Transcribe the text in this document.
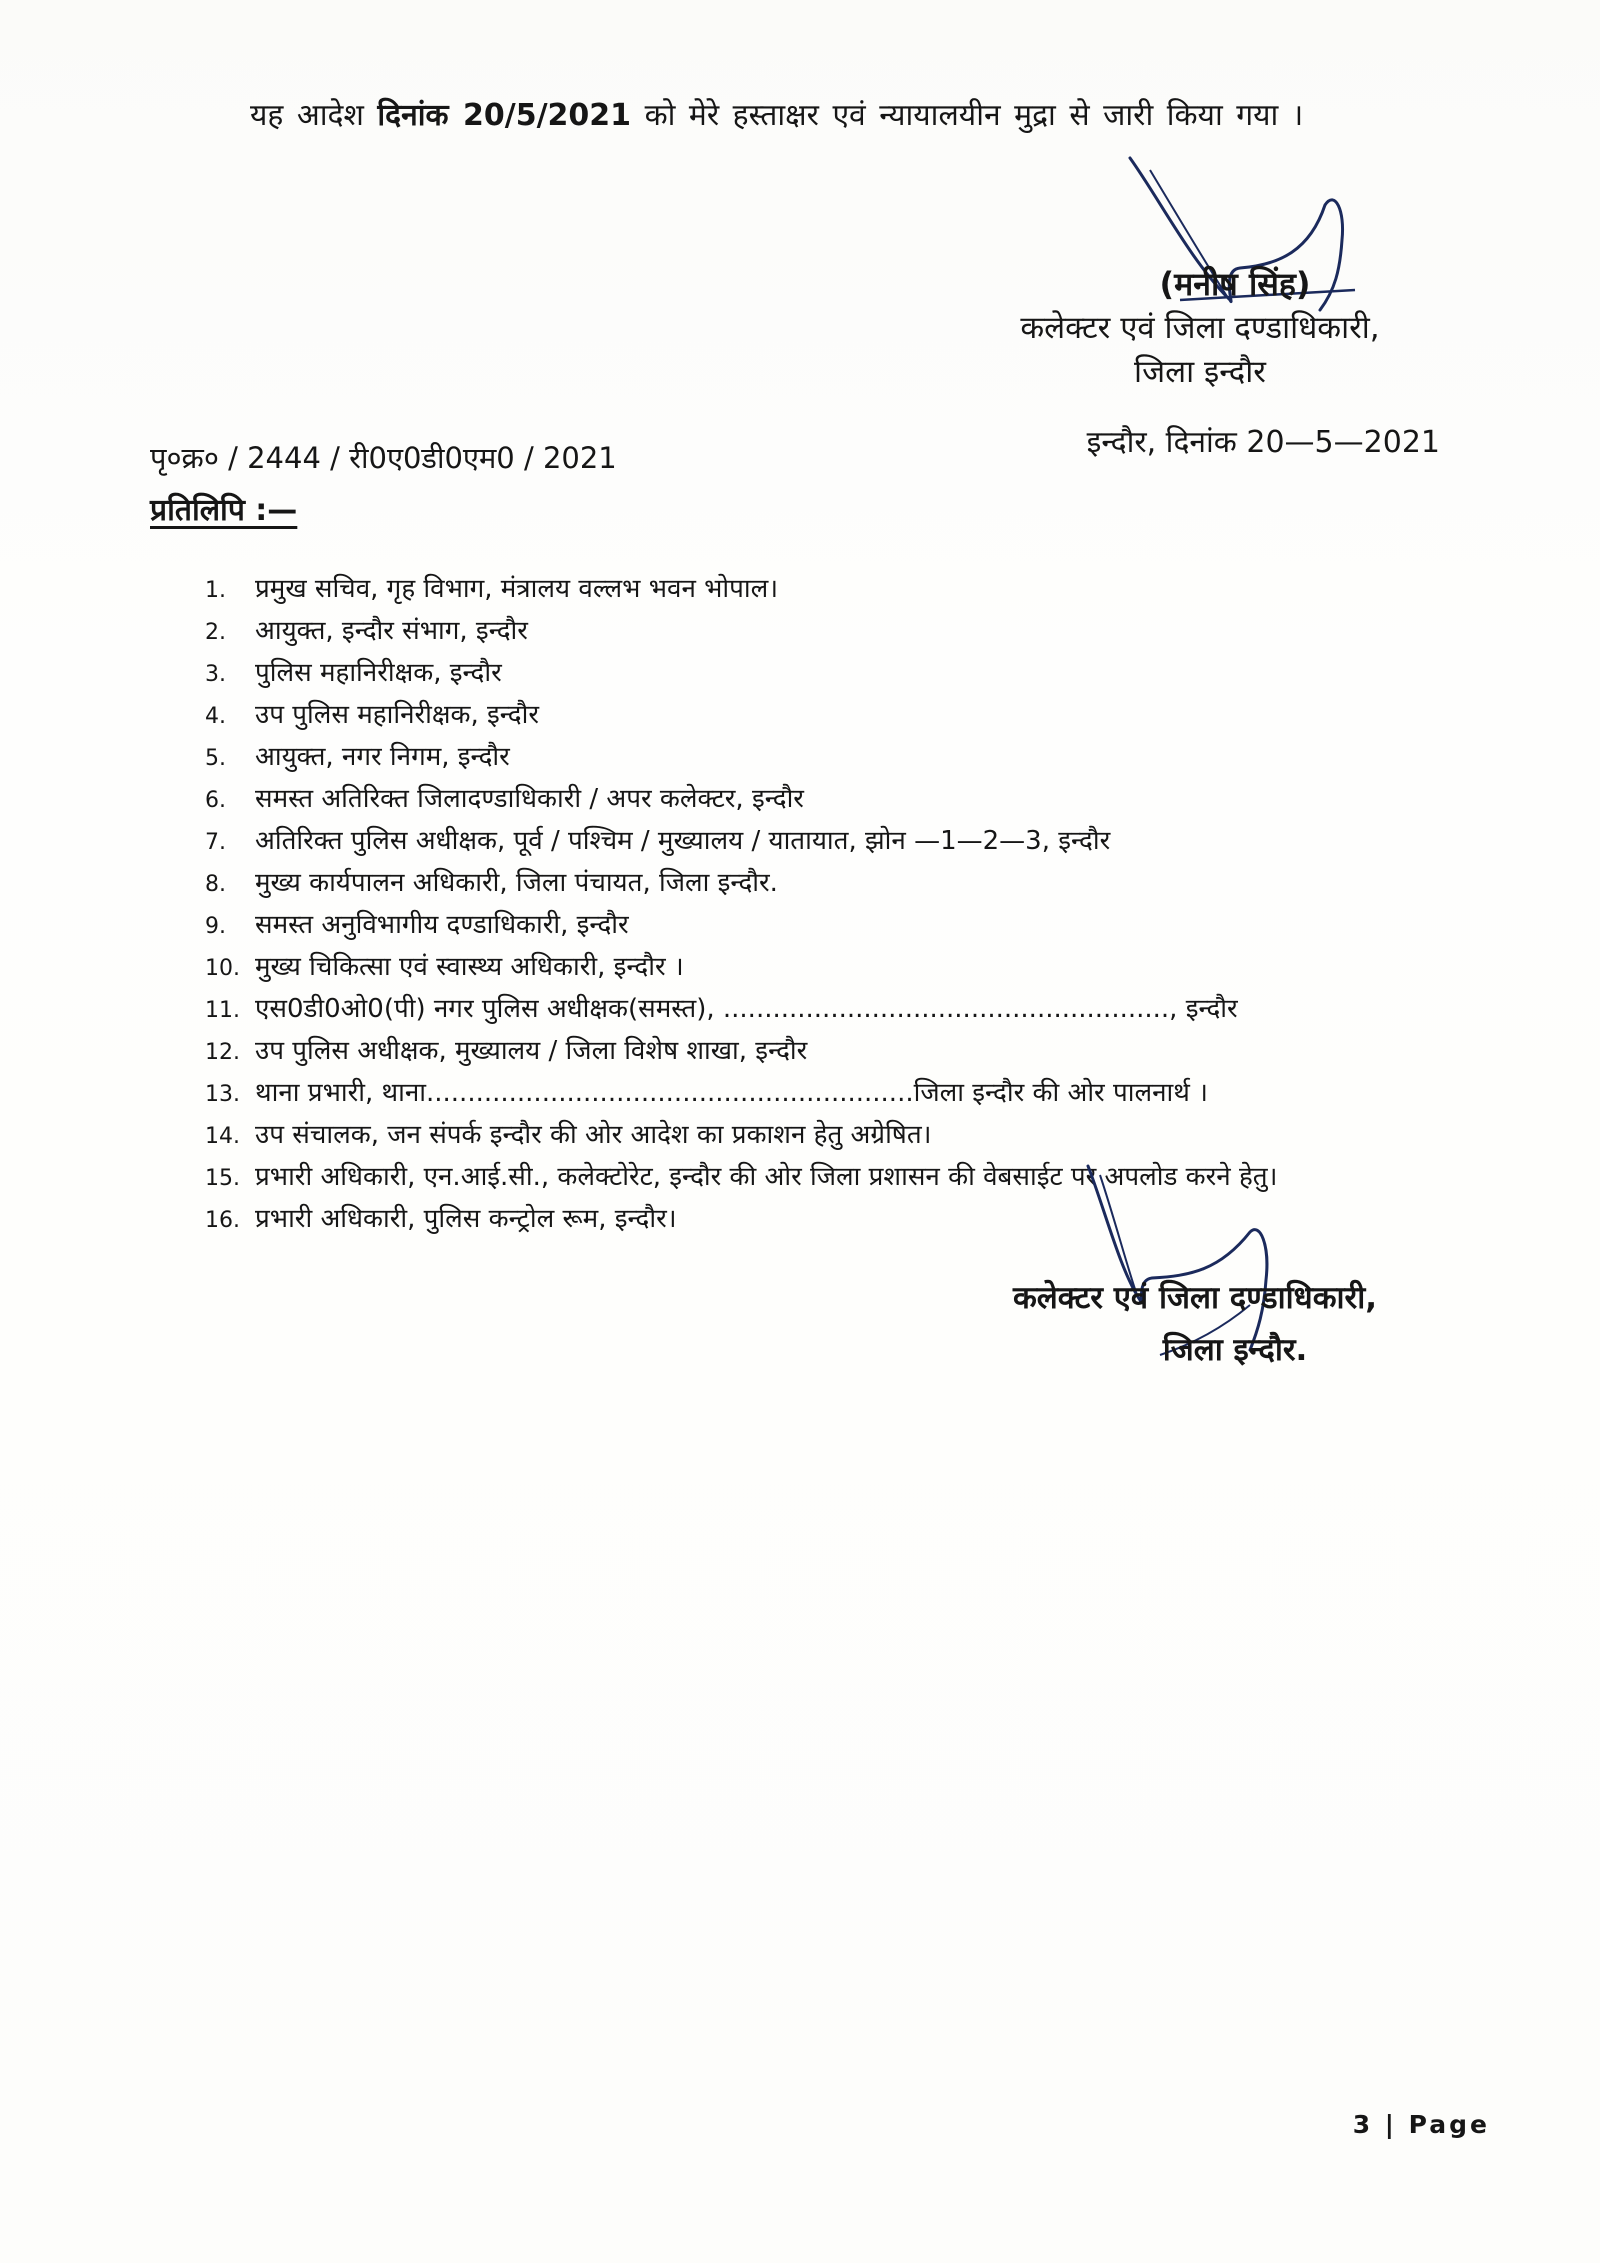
यह आदेश दिनांक 20/5/2021 को मेरे हस्ताक्षर एवं न्यायालयीन मुद्रा से जारी किया गया ।
(मनीष सिंह)
कलेक्टर एवं जिला दण्डाधिकारी,
जिला इन्दौर
इन्दौर, दिनांक 20—5—2021
पृ०क्र० / 2444 / री0ए0डी0एम0 / 2021
प्रतिलिपि :—
1.	प्रमुख सचिव, गृह विभाग, मंत्रालय वल्लभ भवन भोपाल।
2.	आयुक्त, इन्दौर संभाग, इन्दौर
3.	पुलिस महानिरीक्षक, इन्दौर
4.	उप पुलिस महानिरीक्षक, इन्दौर
5.	आयुक्त, नगर निगम, इन्दौर
6.	समस्त अतिरिक्त जिलादण्डाधिकारी / अपर कलेक्टर, इन्दौर
7.	अतिरिक्त पुलिस अधीक्षक, पूर्व / पश्चिम / मुख्यालय / यातायात, झोन —1—2—3, इन्दौर
8.	मुख्य कार्यपालन अधिकारी, जिला पंचायत, जिला इन्दौर.
9.	समस्त अनुविभागीय दण्डाधिकारी, इन्दौर
10. मुख्य चिकित्सा एवं स्वास्थ्य अधिकारी, इन्दौर ।
11. एस0डी0ओ0(पी) नगर पुलिस अधीक्षक(समस्त), ......................................................, इन्दौर
12. उप पुलिस अधीक्षक, मुख्यालय / जिला विशेष शाखा, इन्दौर
13. थाना प्रभारी, थाना...........................................................जिला इन्दौर की ओर पालनार्थ ।
14. उप संचालक, जन संपर्क इन्दौर की ओर आदेश का प्रकाशन हेतु अग्रेषित।
15. प्रभारी अधिकारी, एन.आई.सी., कलेक्टोरेट, इन्दौर की ओर जिला प्रशासन की वेबसाईट पर अपलोड करने हेतु।
16. प्रभारी अधिकारी, पुलिस कन्ट्रोल रूम, इन्दौर।
कलेक्टर एवं जिला दण्डाधिकारी,
जिला इन्दौर.
3 | Page
